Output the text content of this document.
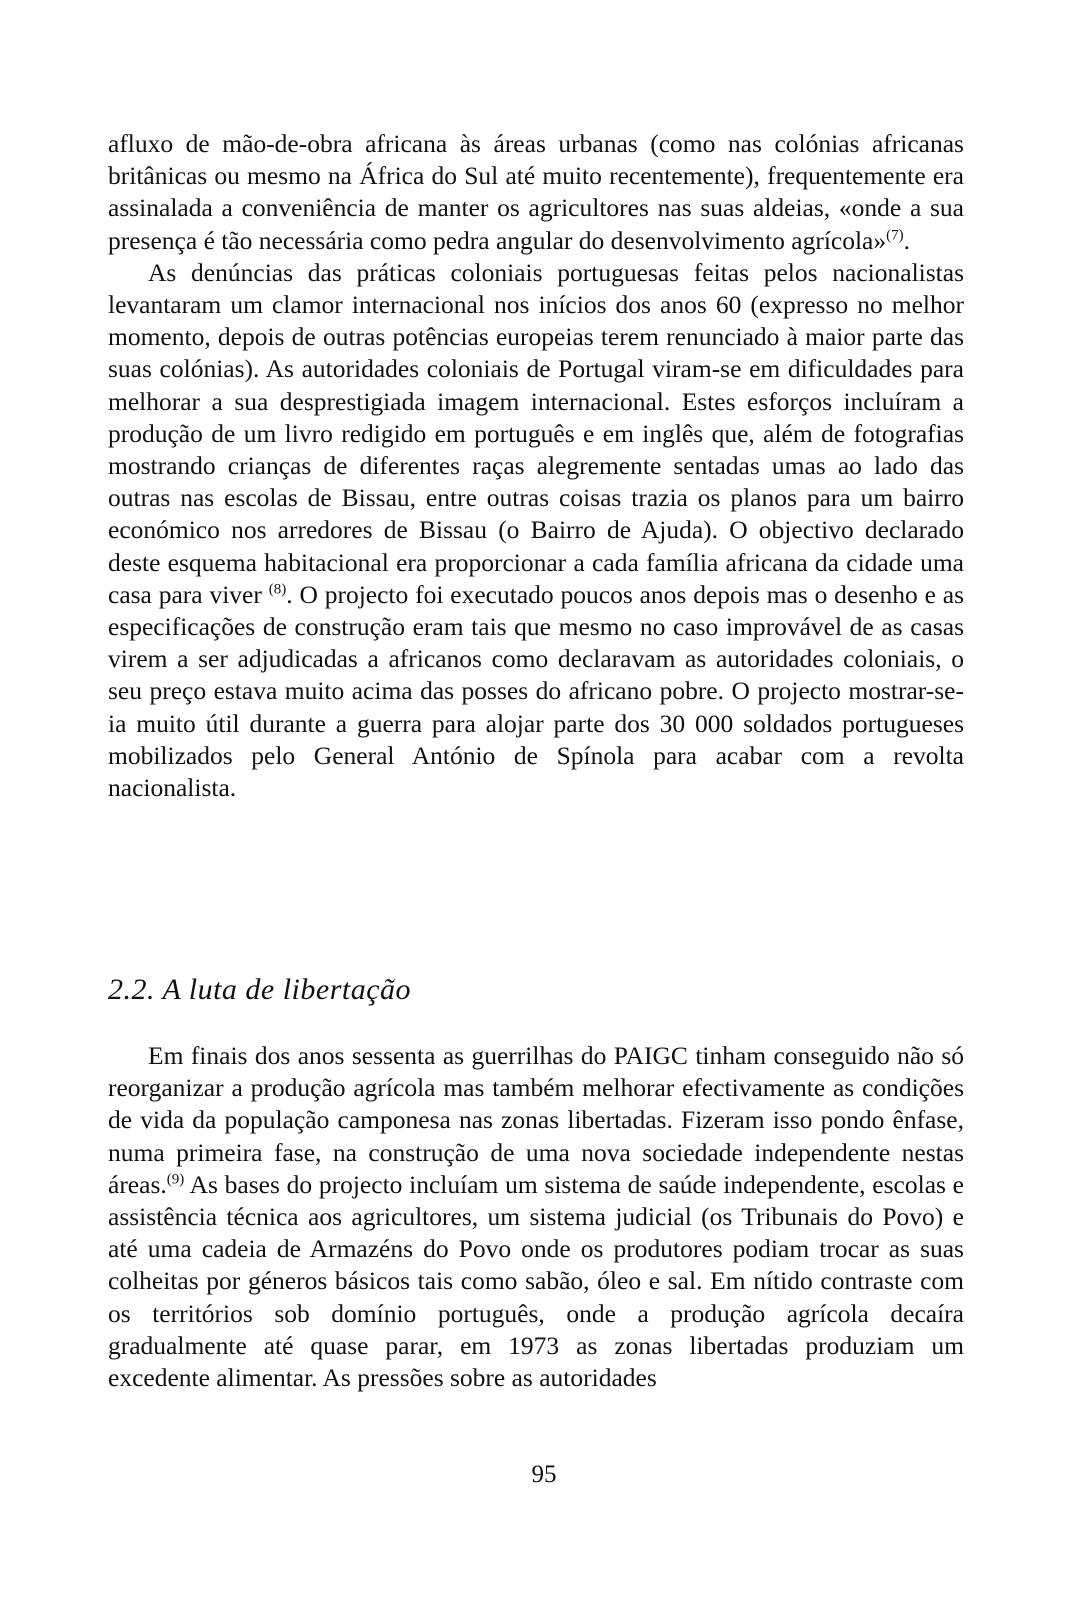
afluxo de mão-de-obra africana às áreas urbanas (como nas colónias africanas britânicas ou mesmo na África do Sul até muito recentemente), frequentemente era assinalada a conveniência de manter os agricultores nas suas aldeias, «onde a sua presença é tão necessária como pedra angular do desenvolvimento agrícola»$^{(7)}$.

As denúncias das práticas coloniais portuguesas feitas pelos nacionalistas levantaram um clamor internacional nos inícios dos anos 60 (expresso no melhor momento, depois de outras potências europeias terem renunciado à maior parte das suas colónias). As autoridades coloniais de Portugal viram-se em dificuldades para melhorar a sua desprestigiada imagem internacional. Estes esforços incluíram a produção de um livro redigido em português e em inglês que, além de fotografias mostrando crianças de diferentes raças alegremente sentadas umas ao lado das outras nas escolas de Bissau, entre outras coisas trazia os planos para um bairro económico nos arredores de Bissau (o Bairro de Ajuda). O objectivo declarado deste esquema habitacional era proporcionar a cada família africana da cidade uma casa para viver $^{(8)}$. O projecto foi executado poucos anos depois mas o desenho e as especificações de construção eram tais que mesmo no caso improvável de as casas virem a ser adjudicadas a africanos como declaravam as autoridades coloniais, o seu preço estava muito acima das posses do africano pobre. O projecto mostrar-se-ia muito útil durante a guerra para alojar parte dos 30 000 soldados portugueses mobilizados pelo General António de Spínola para acabar com a revolta nacionalista.

2.2. A luta de libertação

Em finais dos anos sessenta as guerrilhas do PAIGC tinham conseguido não só reorganizar a produção agrícola mas também melhorar efectivamente as condições de vida da população camponesa nas zonas libertadas. Fizeram isso pondo ênfase, numa primeira fase, na construção de uma nova sociedade independente nestas áreas.$^{(9)}$ As bases do projecto incluíam um sistema de saúde independente, escolas e assistência técnica aos agricultores, um sistema judicial (os Tribunais do Povo) e até uma cadeia de Armazéns do Povo onde os produtores podiam trocar as suas colheitas por géneros básicos tais como sabão, óleo e sal. Em nítido contraste com os territórios sob domínio português, onde a produção agrícola decaíra gradualmente até quase parar, em 1973 as zonas libertadas produziam um excedente alimentar. As pressões sobre as autoridades

95
